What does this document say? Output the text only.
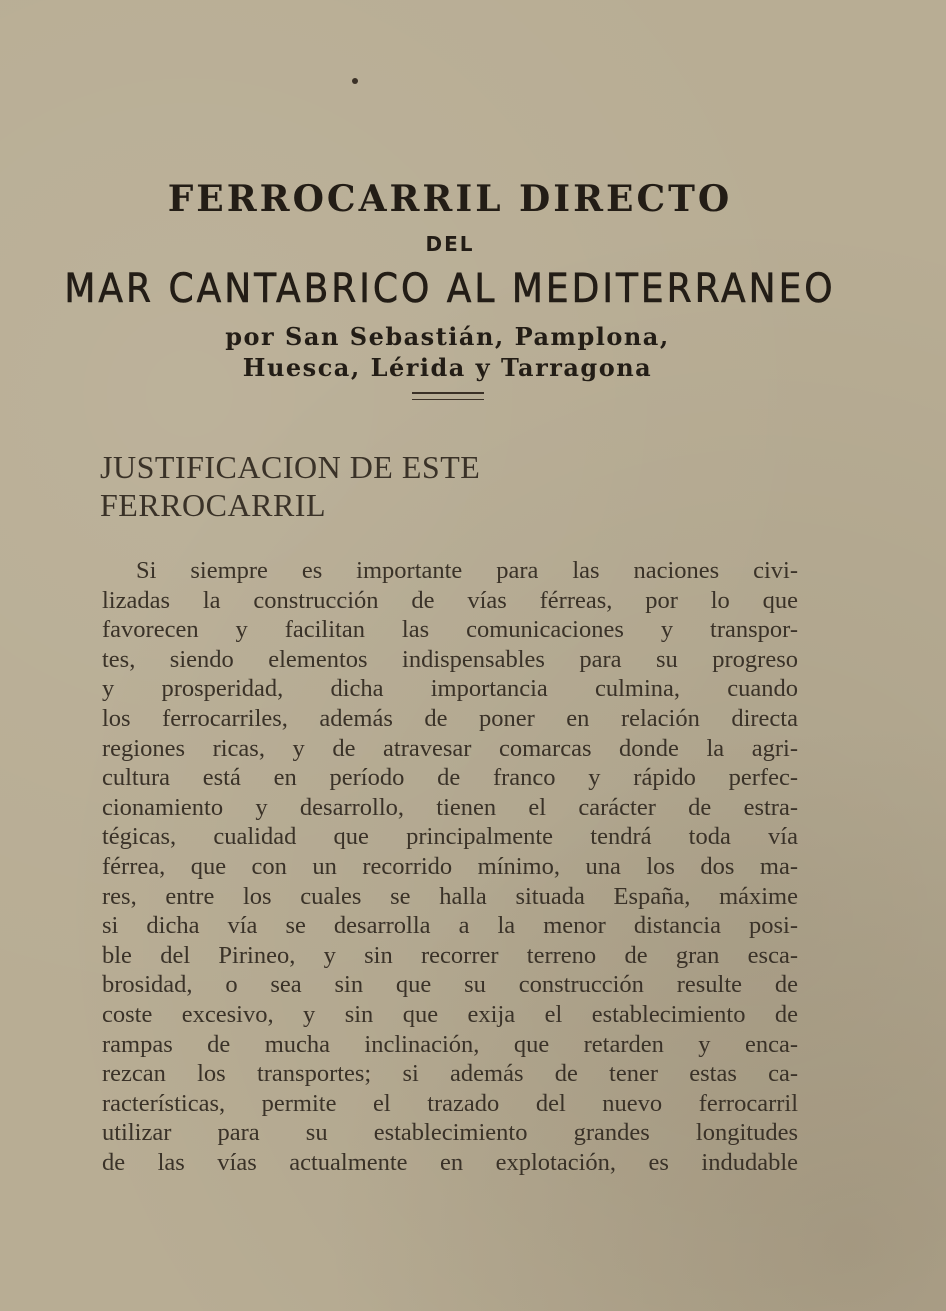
FERROCARRIL DIRECTO
DEL
MAR CANTABRICO AL MEDITERRANEO
por San Sebastián, Pamplona,
Huesca, Lérida y Tarragona
JUSTIFICACION DE ESTE
FERROCARRIL
Si siempre es importante para las naciones civi-
lizadas la construcción de vías férreas, por lo que
favorecen y facilitan las comunicaciones y transpor-
tes, siendo elementos indispensables para su progreso
y prosperidad, dicha importancia culmina, cuando
los ferrocarriles, además de poner en relación directa
regiones ricas, y de atravesar comarcas donde la agri-
cultura está en período de franco y rápido perfec-
cionamiento y desarrollo, tienen el carácter de estra-
tégicas, cualidad que principalmente tendrá toda vía
férrea, que con un recorrido mínimo, una los dos ma-
res, entre los cuales se halla situada España, máxime
si dicha vía se desarrolla a la menor distancia posi-
ble del Pirineo, y sin recorrer terreno de gran esca-
brosidad, o sea sin que su construcción resulte de
coste excesivo, y sin que exija el establecimiento de
rampas de mucha inclinación, que retarden y enca-
rezcan los transportes; si además de tener estas ca-
racterísticas, permite el trazado del nuevo ferrocarril
utilizar para su establecimiento grandes longitudes
de las vías actualmente en explotación, es indudable
